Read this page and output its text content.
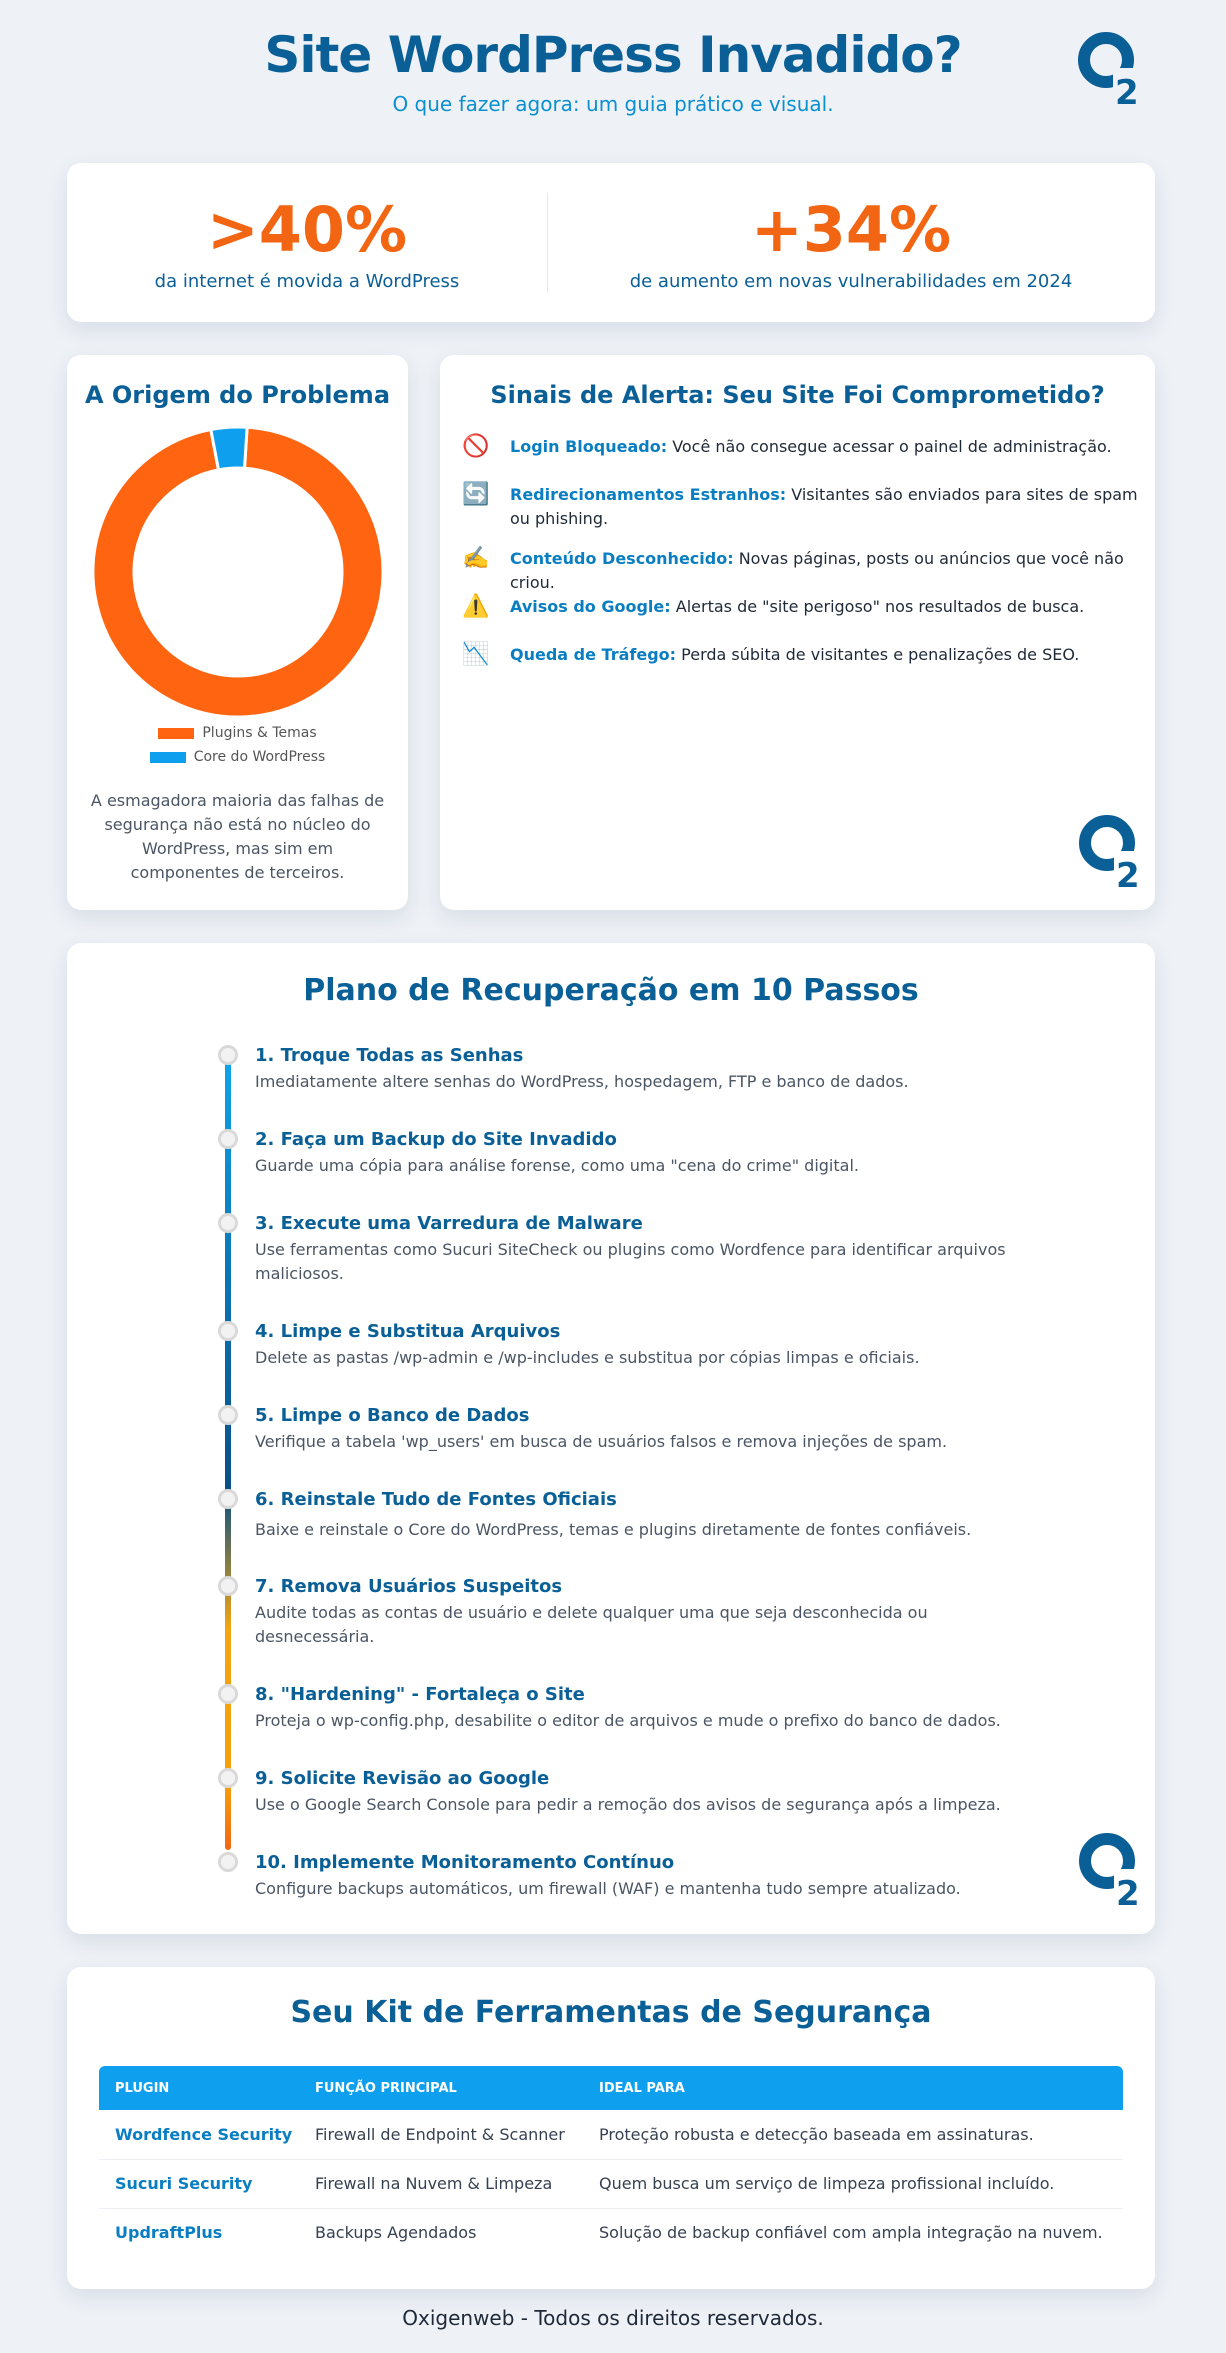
Site WordPress Invadido?

O que fazer agora: um guia prático e visual.	2
>40%
da internet é movida a WordPress
+34%
de aumento em novas vulnerabilidades em 2024
A Origem do Problema
Plugins & Temas
Core do WordPress

A esmagadora maioria das falhas de segurança não está no núcleo do WordPress, mas sim em componentes de terceiros.

Sinais de Alerta: Seu Site Foi Comprometido?
🚫 Login Bloqueado: Você não consegue acessar o painel de administração.
🔄 Redirecionamentos Estranhos: Visitantes são enviados para sites de spam ou phishing.
✍️ Conteúdo Desconhecido: Novas páginas, posts ou anúncios que você não criou.
⚠️ Avisos do Google: Alertas de "site perigoso" nos resultados de busca.
📉 Queda de Tráfego: Perda súbita de visitantes e penalizações de SEO.
2
Plano de Recuperação em 10 Passos
1. Troque Todas as Senhas

Imediatamente altere senhas do WordPress, hospedagem, FTP e banco de dados.

2. Faça um Backup do Site Invadido

Guarde uma cópia para análise forense, como uma "cena do crime" digital.

3. Execute uma Varredura de Malware

Use ferramentas como Sucuri SiteCheck ou plugins como Wordfence para identificar arquivos maliciosos.

4. Limpe e Substitua Arquivos

Delete as pastas /wp-admin e /wp-includes e substitua por cópias limpas e oficiais.

5. Limpe o Banco de Dados

Verifique a tabela 'wp_users' em busca de usuários falsos e remova injeções de spam.

6. Reinstale Tudo de Fontes Oficiais

Baixe e reinstale o Core do WordPress, temas e plugins diretamente de fontes confiáveis.

7. Remova Usuários Suspeitos

Audite todas as contas de usuário e delete qualquer uma que seja desconhecida ou desnecessária.

8. "Hardening" - Fortaleça o Site

Proteja o wp-config.php, desabilite o editor de arquivos e mude o prefixo do banco de dados.

9. Solicite Revisão ao Google

Use o Google Search Console para pedir a remoção dos avisos de segurança após a limpeza.

10. Implemente Monitoramento Contínuo

Configure backups automáticos, um firewall (WAF) e mantenha tudo sempre atualizado.	2
Seu Kit de Ferramentas de Segurança
PLUGIN	FUNÇÃO PRINCIPAL	IDEAL PARA
Wordfence Security	Firewall de Endpoint & Scanner	Proteção robusta e detecção baseada em assinaturas.
Sucuri Security	Firewall na Nuvem & Limpeza	Quem busca um serviço de limpeza profissional incluído.
UpdraftPlus	Backups Agendados	Solução de backup confiável com ampla integração na nuvem.
Oxigenweb - Todos os direitos reservados.
